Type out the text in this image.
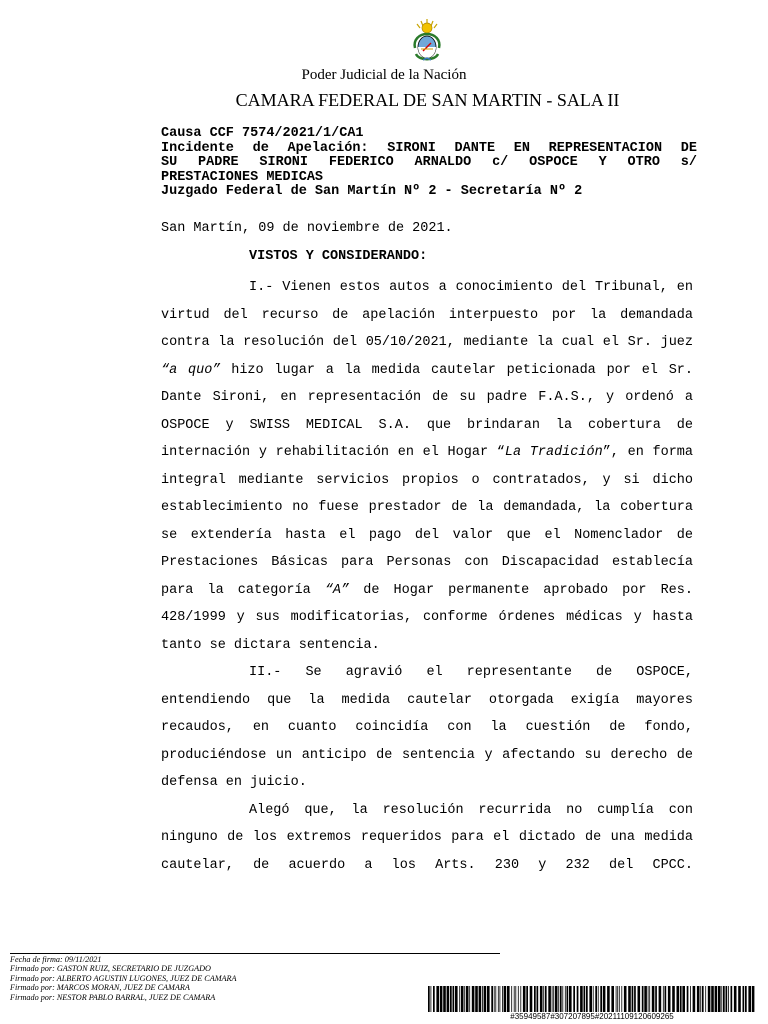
Poder Judicial de la Nación
CAMARA FEDERAL DE SAN MARTIN - SALA II
Causa CCF 7574/2021/1/CA1
Incidente de Apelación: SIRONI DANTE EN REPRESENTACION DE
SU PADRE SIRONI FEDERICO ARNALDO c/ OSPOCE Y OTRO s/
PRESTACIONES MEDICAS
Juzgado Federal de San Martín Nº 2 - Secretaría Nº 2
San Martín, 09 de noviembre de 2021.
VISTOS Y CONSIDERANDO:

I.- Vienen estos autos a conocimiento del Tribunal, en virtud del recurso de apelación interpuesto por la demandada contra la resolución del 05/10/2021, mediante la cual el Sr. juez “a quo” hizo lugar a la medida cautelar peticionada por el Sr. Dante Sironi, en representación de su padre F.A.S., y ordenó a OSPOCE y SWISS MEDICAL S.A. que brindaran la cobertura de internación y rehabilitación en el Hogar “La Tradición”, en forma integral mediante servicios propios o contratados, y si dicho establecimiento no fuese prestador de la demandada, la cobertura se extendería hasta el pago del valor que el Nomenclador de Prestaciones Básicas para Personas con Discapacidad establecía para la categoría “A” de Hogar permanente aprobado por Res. 428/1999 y sus modificatorias, conforme órdenes médicas y hasta tanto se dictara sentencia.

II.- Se agravió el representante de OSPOCE, entendiendo que la medida cautelar otorgada exigía mayores recaudos, en cuanto coincidía con la cuestión de fondo, produciéndose un anticipo de sentencia y afectando su derecho de defensa en juicio.

Alegó que, la resolución recurrida no cumplía con ninguno de los extremos requeridos para el dictado de una medida cautelar, de acuerdo a los Arts. 230 y 232 del CPCC.

Fecha de firma: 09/11/2021
Firmado por: GASTON RUIZ, SECRETARIO DE JUZGADO
Firmado por: ALBERTO AGUSTIN LUGONES, JUEZ DE CAMARA
Firmado por: MARCOS MORAN, JUEZ DE CAMARA
Firmado por: NESTOR PABLO BARRAL, JUEZ DE CAMARA
#35949587#307207895#20211109120609265
